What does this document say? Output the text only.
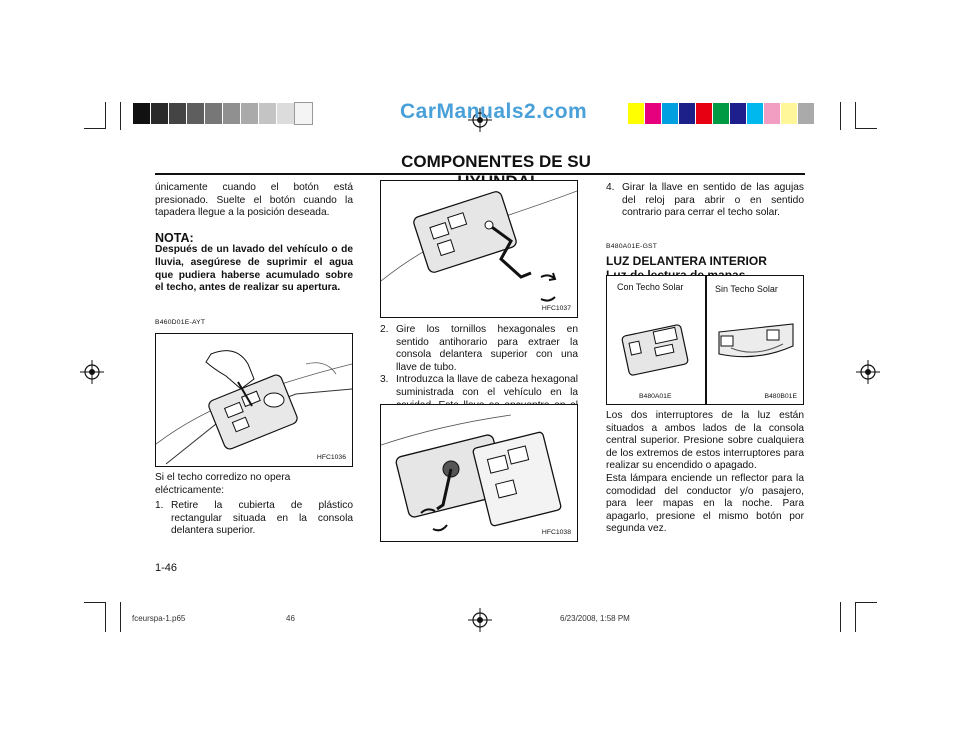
CarManuals2.com
COMPONENTES DE SU
únicamente cuando el botón está presionado. Suelte el botón cuando la tapadera llegue a la posición deseada.
NOTA:
Después de un lavado del vehículo o de lluvia, asegúrese de suprimir el agua que pudiera haberse acumulado sobre el techo, antes de realizar su apertura.
B460D01E-AYT
HFC1036
Si el techo corredizo no opera eléctricamente:
1. Retire la cubierta de plástico rectangular situada en la consola delantera superior.
HFC1037
2. Gire los tornillos hexagonales en sentido antihorario para extraer la consola delantera superior con una llave de tubo.
3. Introduzca la llave de cabeza hexagonal suministrada con el vehículo en la
HFC1038
4. Girar la llave en sentido de las agujas del reloj para abrir o en sentido contrario para cerrar el techo solar.
B480A01E-GST
LUZ DELANTERA INTERIOR
Con Techo Solar	Sin Techo Solar
B480A01E	B480B01E
Los dos interruptores de la luz están situados a ambos lados de la consola central superior. Presione sobre cualquiera de los extremos de estos interruptores para realizar su encendido o apagado.
Esta lámpara enciende un reflector para la comodidad del conductor y/o pasajero, para leer mapas en la noche. Para apagarlo, presione el mismo botón por segunda vez.
1-46
fceurspa-1.p65	46	6/23/2008, 1:58 PM
